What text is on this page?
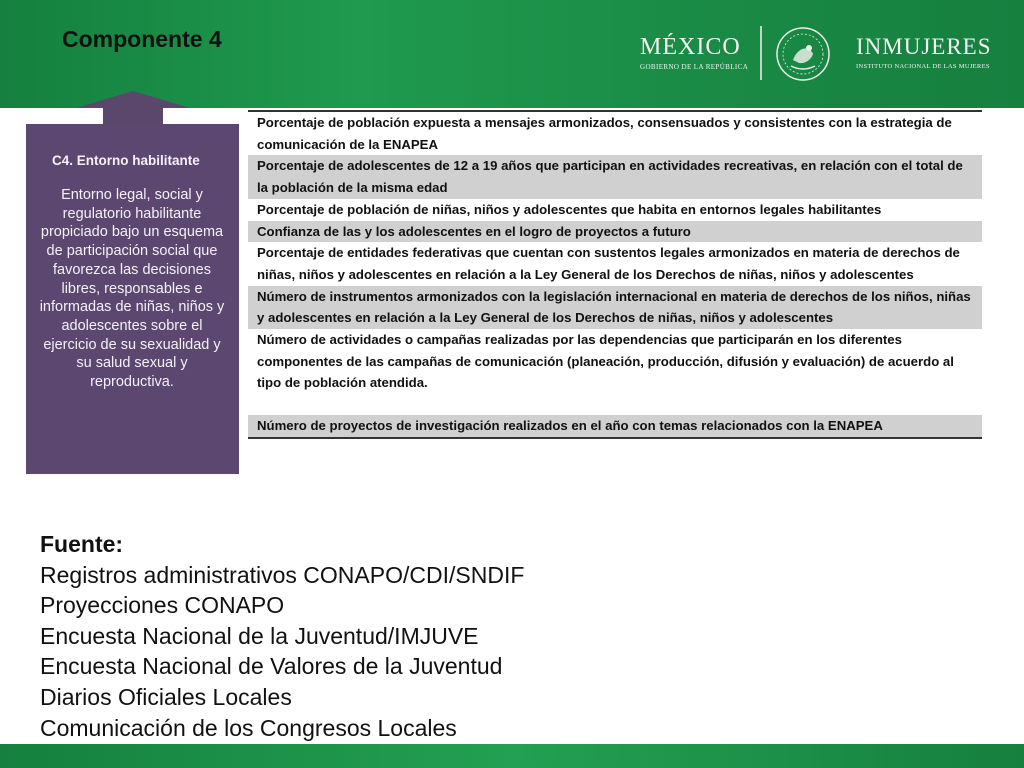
Componente 4	MÉXICO
GOBIERNO DE LA REPÚBLICA
INMUJERES
INSTITUTO NACIONAL DE LAS MUJERES
C4. Entorno habilitante
Entorno legal, social y regulatorio habilitante propiciado bajo un esquema de participación social que favorezca las decisiones libres, responsables e informadas de niñas, niños y adolescentes sobre el ejercicio de su sexualidad y su salud sexual y reproductiva.
Porcentaje de población expuesta a mensajes armonizados, consensuados y consistentes con la estrategia de comunicación de la ENAPEA
Porcentaje de adolescentes de 12 a 19 años que participan en actividades recreativas, en relación con el total de la población de la misma edad
Porcentaje de población de niñas, niños y adolescentes que habita en entornos legales habilitantes
Confianza de las y los adolescentes en el logro de proyectos a futuro
Porcentaje de entidades federativas que cuentan con sustentos legales armonizados en materia de derechos de niñas, niños y adolescentes en relación a la Ley General de los Derechos de niñas, niños y adolescentes
Número de instrumentos armonizados con la legislación internacional en materia de derechos de los niños, niñas y adolescentes en relación a la Ley General de los Derechos de niñas, niños y adolescentes
Número de actividades o campañas realizadas por las dependencias que participarán en los diferentes componentes de las campañas de comunicación (planeación, producción, difusión y evaluación) de acuerdo al tipo de población atendida.
Número de proyectos de investigación realizados en el año con temas relacionados con la ENAPEA
Fuente:
Registros administrativos CONAPO/CDI/SNDIF
Proyecciones CONAPO
Encuesta Nacional de la Juventud/IMJUVE
Encuesta Nacional de Valores de la Juventud
Diarios Oficiales Locales
Comunicación de los Congresos Locales
